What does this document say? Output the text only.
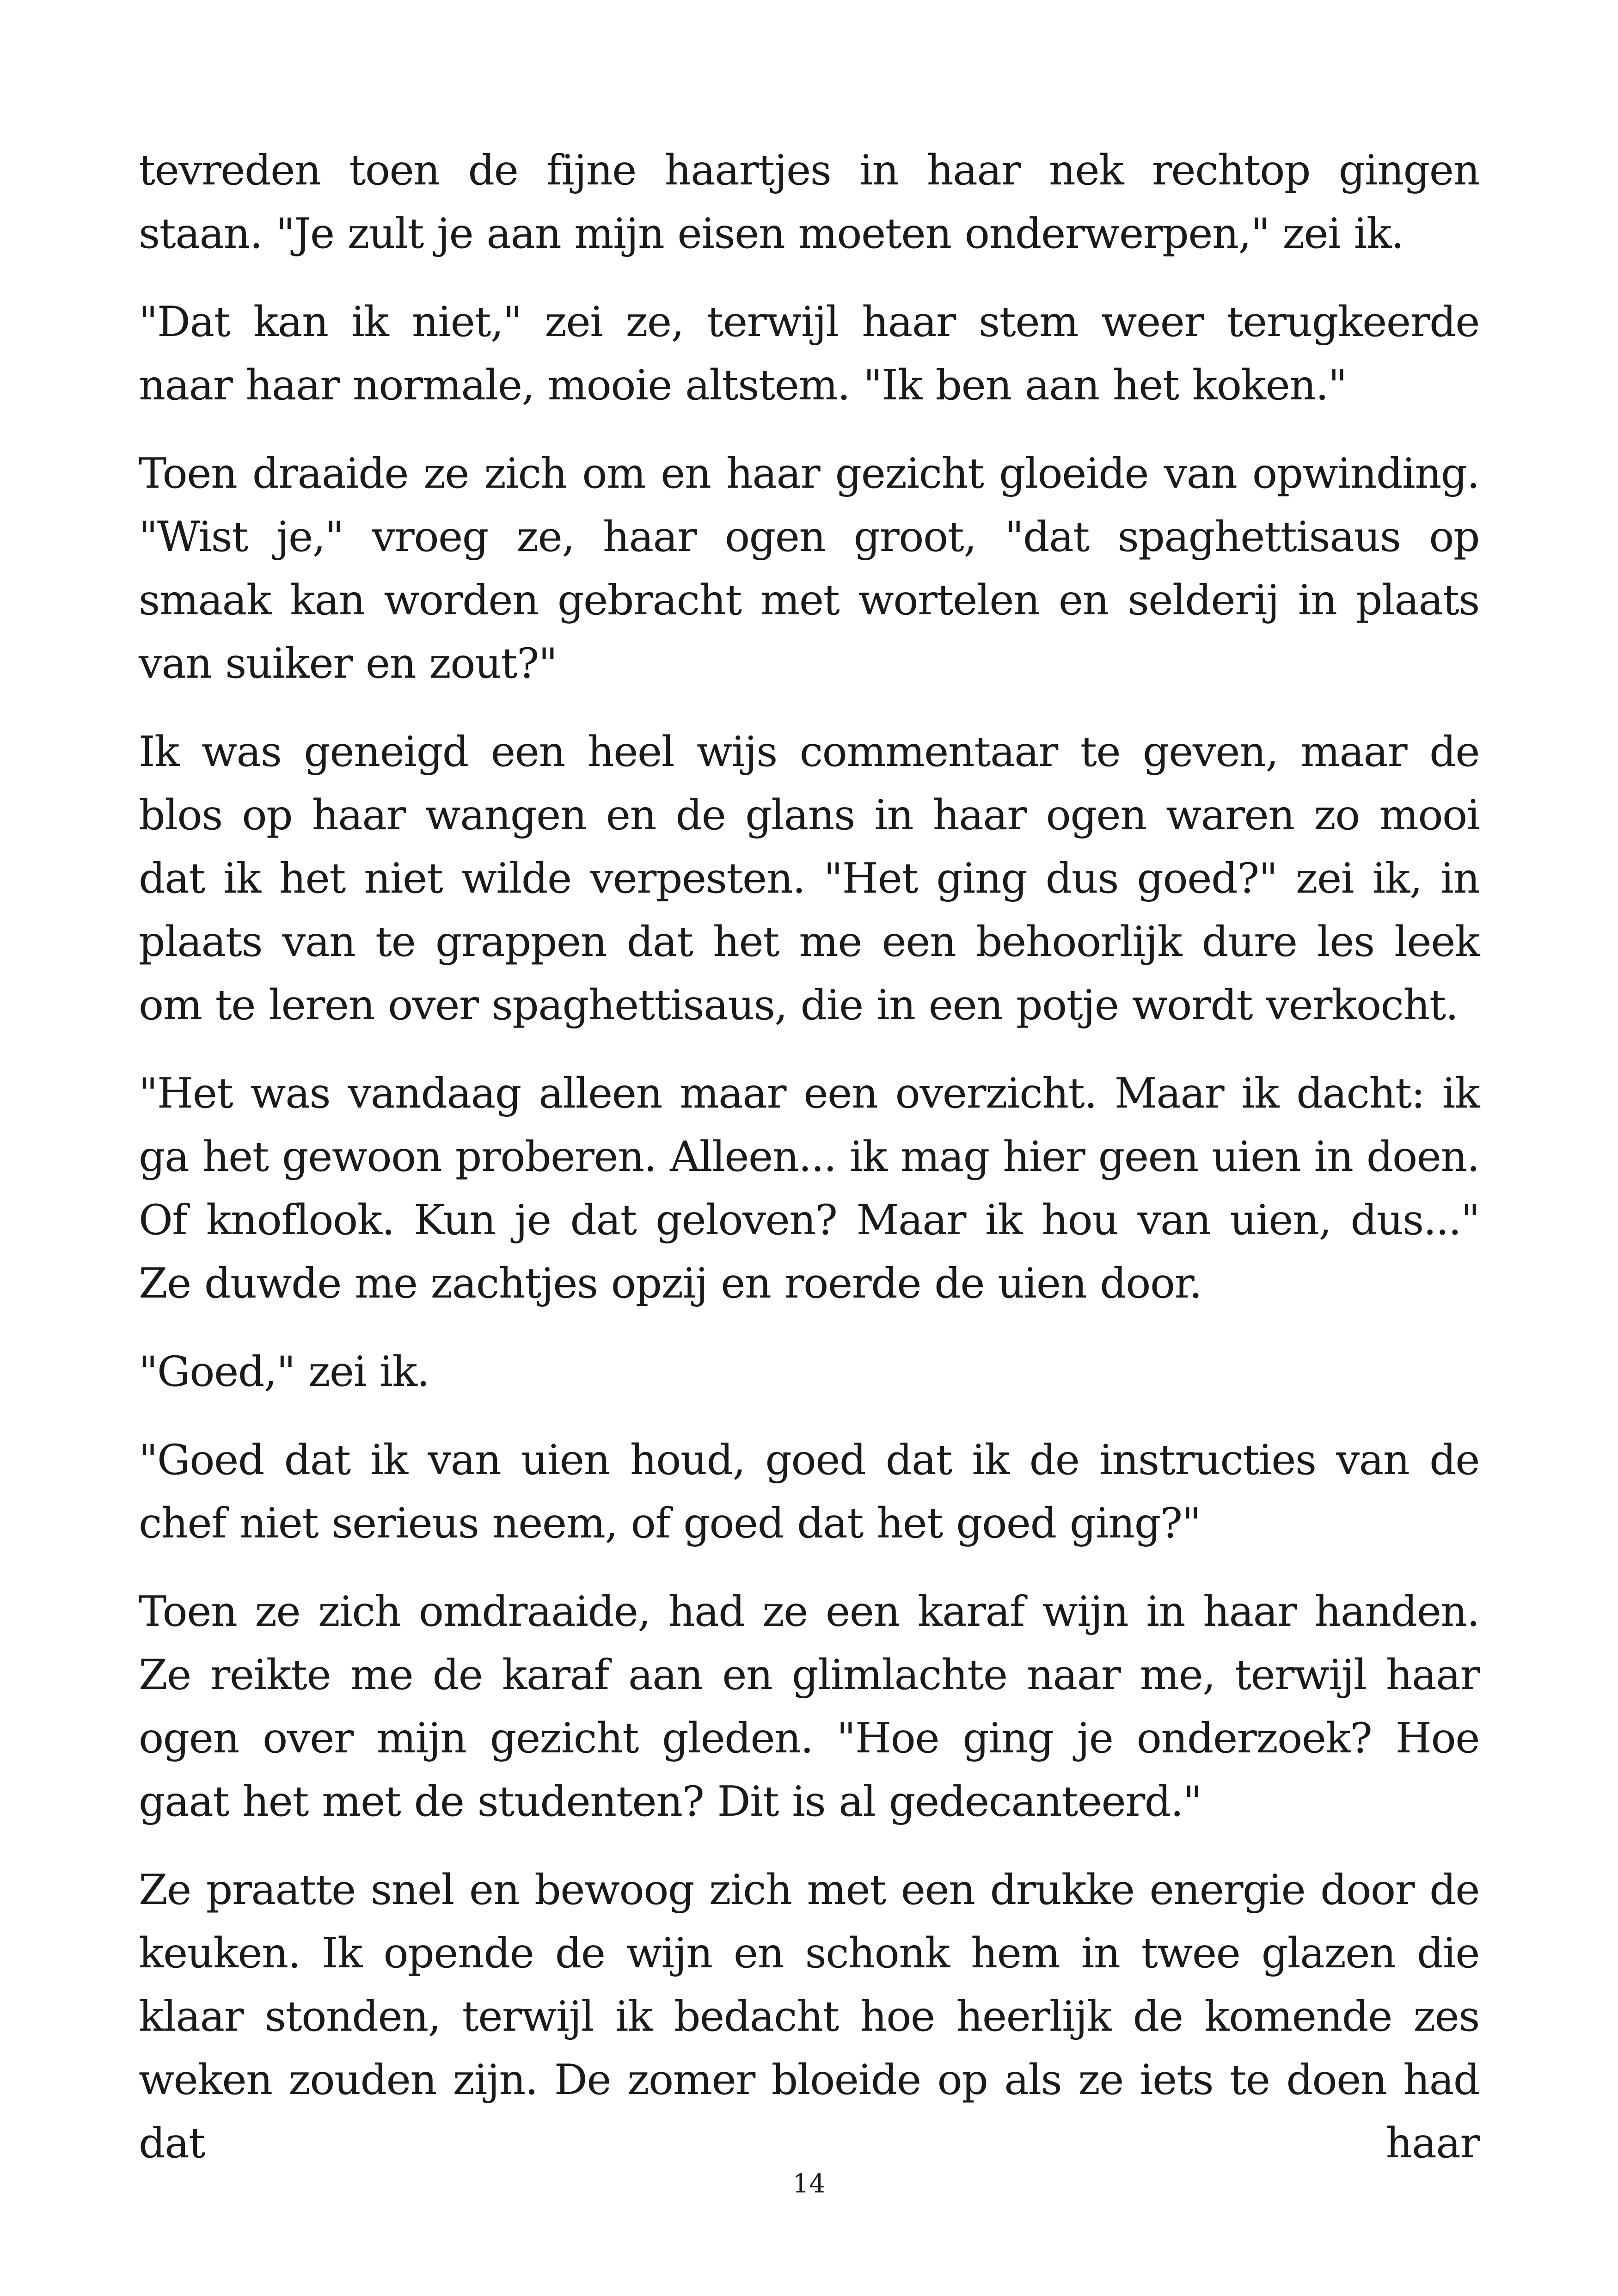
tevreden toen de fijne haartjes in haar nek rechtop gingen staan. "Je zult je aan mijn eisen moeten onderwerpen," zei ik.

"Dat kan ik niet," zei ze, terwijl haar stem weer terugkeerde naar haar normale, mooie altstem. "Ik ben aan het koken."

Toen draaide ze zich om en haar gezicht gloeide van opwinding. "Wist je," vroeg ze, haar ogen groot, "dat spaghettisaus op smaak kan worden gebracht met wortelen en selderij in plaats van suiker en zout?"

Ik was geneigd een heel wijs commentaar te geven, maar de blos op haar wangen en de glans in haar ogen waren zo mooi dat ik het niet wilde verpesten. "Het ging dus goed?" zei ik, in plaats van te grappen dat het me een behoorlijk dure les leek om te leren over spaghettisaus, die in een potje wordt verkocht.

"Het was vandaag alleen maar een overzicht. Maar ik dacht: ik ga het gewoon proberen. Alleen... ik mag hier geen uien in doen. Of knoflook. Kun je dat geloven? Maar ik hou van uien, dus..." Ze duwde me zachtjes opzij en roerde de uien door.

"Goed," zei ik.

"Goed dat ik van uien houd, goed dat ik de instructies van de chef niet serieus neem, of goed dat het goed ging?"

Toen ze zich omdraaide, had ze een karaf wijn in haar handen. Ze reikte me de karaf aan en glimlachte naar me, terwijl haar ogen over mijn gezicht gleden. "Hoe ging je onderzoek? Hoe gaat het met de studenten? Dit is al gedecanteerd."

Ze praatte snel en bewoog zich met een drukke energie door de keuken. Ik opende de wijn en schonk hem in twee glazen die klaar stonden, terwijl ik bedacht hoe heerlijk de komende zes weken zouden zijn. De zomer bloeide op als ze iets te doen had dat haar

14
